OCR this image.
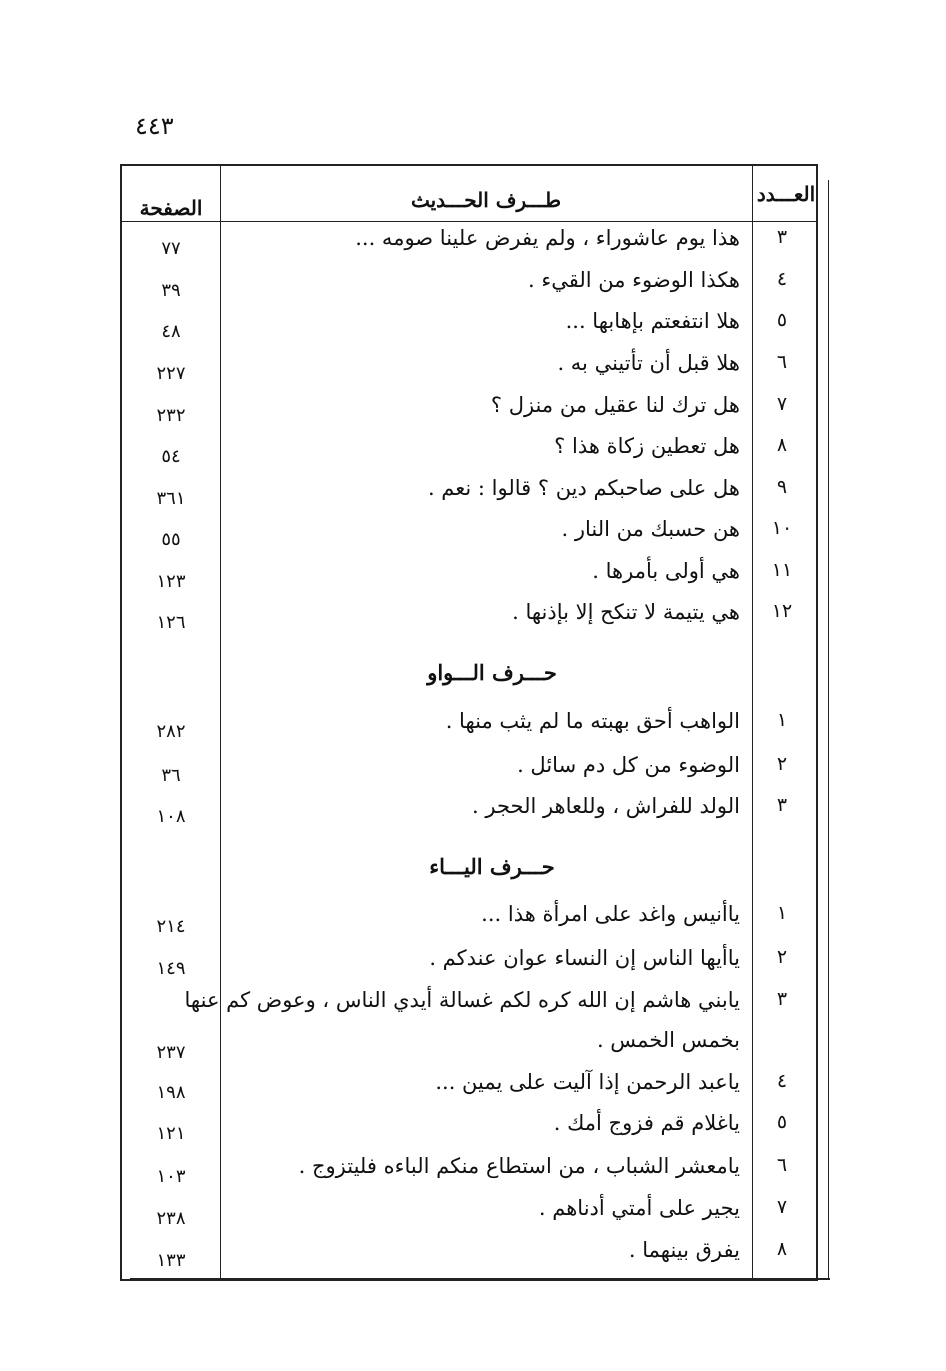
٤٤٣
الصفحة	طـــرف الحـــديث	العـــدد
٣
هذا يوم عاشوراء ، ولم يفرض علينا صومه ...
٧٧
٤
هكذا الوضوء من القيء .
٣٩
٥
هلا انتفعتم بإهابها ...
٤٨
٦
هلا قبل أن تأتيني به .
٢٢٧
٧
هل ترك لنا عقيل من منزل ؟
٢٣٢
٨
هل تعطين زكاة هذا ؟
٥٤
٩
هل على صاحبكم دين ؟ قالوا : نعم .
٣٦١
١٠
هن حسبك من النار .
٥٥
١١
هي أولى بأمرها .
١٢٣
١٢
هي يتيمة لا تنكح إلا بإذنها .
١٢٦
حـــرف الـــواو
١
الواهب أحق بهبته ما لم يثب منها .
٢٨٢
٢
الوضوء من كل دم سائل .
٣٦
٣
الولد للفراش ، وللعاهر الحجر .
١٠٨
حـــرف اليـــاء
١
ياأنيس واغد على امرأة هذا ...
٢١٤
٢
ياأيها الناس إن النساء عوان عندكم .
١٤٩
٣
يابني هاشم إن الله كره لكم غسالة أيدي الناس ، وعوض كم عنها
بخمس الخمس .
٢٣٧
٤
ياعبد الرحمن إذا آليت على يمين ...
١٩٨
٥
ياغلام قم فزوج أمك .
١٢١
٦
يامعشر الشباب ، من استطاع منكم الباءه فليتزوج .
١٠٣
٧
يجير على أمتي أدناهم .
٢٣٨
٨
يفرق بينهما .
١٣٣
